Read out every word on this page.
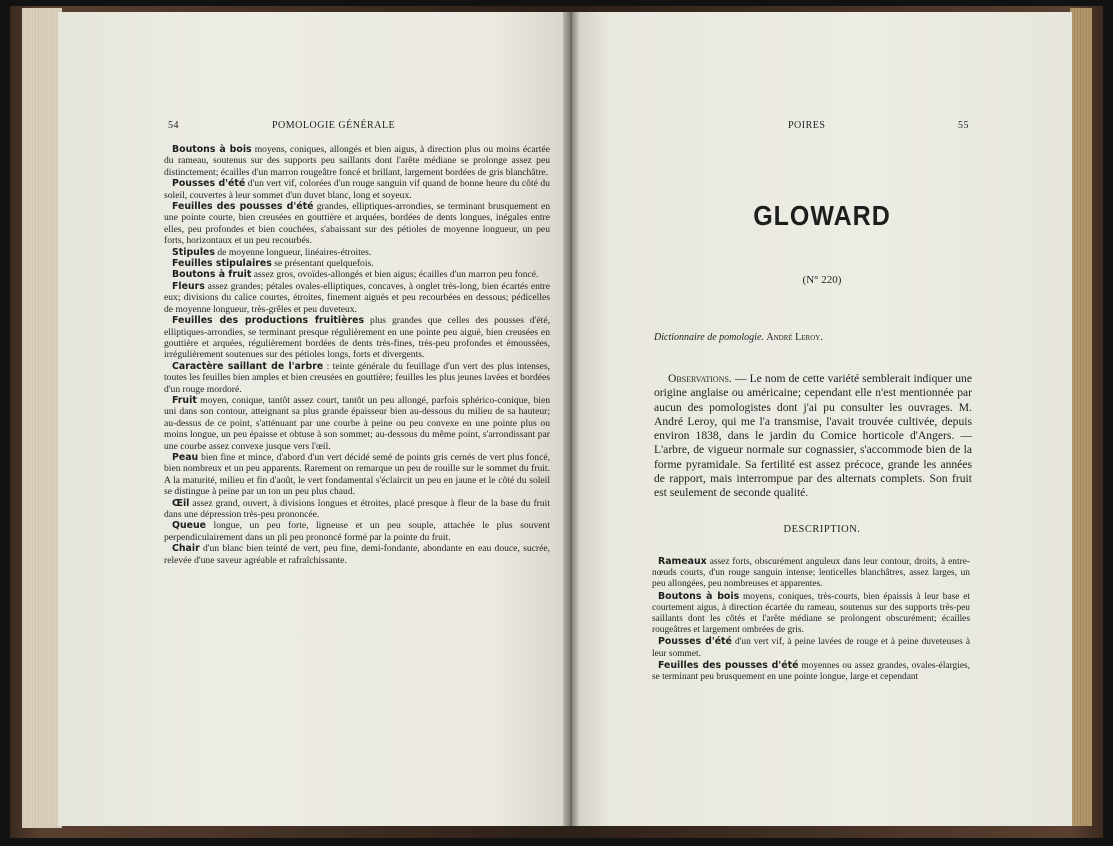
54	POMOLOGIE GÉNÉRALE

Boutons à bois moyens, coniques, allongés et bien aigus, à direction plus ou moins écartée du rameau, soutenus sur des supports peu saillants dont l'arête médiane se prolonge assez peu distinctement; écailles d'un marron rougeâtre foncé et brillant, largement bordées de gris blanchâtre.

Pousses d'été d'un vert vif, colorées d'un rouge sanguin vif quand de bonne heure du côté du soleil, couvertes à leur sommet d'un duvet blanc, long et soyeux.

Feuilles des pousses d'été grandes, elliptiques-arrondies, se terminant brusquement en une pointe courte, bien creusées en gouttière et arquées, bordées de dents longues, inégales entre elles, peu profondes et bien couchées, s'abaissant sur des pétioles de moyenne longueur, un peu forts, horizontaux et un peu recourbés.

Stipules de moyenne longueur, linéaires-étroites.

Feuilles stipulaires se présentant quelquefois.

Boutons à fruit assez gros, ovoïdes-allongés et bien aigus; écailles d'un marron peu foncé.

Fleurs assez grandes; pétales ovales-elliptiques, concaves, à onglet très-long, bien écartés entre eux; divisions du calice courtes, étroites, finement aiguës et peu recourbées en dessous; pédicelles de moyenne longueur, très-grêles et peu duveteux.

Feuilles des productions fruitières plus grandes que celles des pousses d'été, elliptiques-arrondies, se terminant presque régulièrement en une pointe peu aiguë, bien creusées en gouttière et arquées, régulièrement bordées de dents très-fines, très-peu profondes et émoussées, irrégulièrement soutenues sur des pétioles longs, forts et divergents.

Caractère saillant de l'arbre : teinte générale du feuillage d'un vert des plus intenses, toutes les feuilles bien amples et bien creusées en gouttière; feuilles les plus jeunes lavées et bordées d'un rouge mordoré.

Fruit moyen, conique, tantôt assez court, tantôt un peu allongé, parfois sphérico-conique, bien uni dans son contour, atteignant sa plus grande épaisseur bien au-dessous du milieu de sa hauteur; au-dessus de ce point, s'atténuant par une courbe à peine ou peu convexe en une pointe plus ou moins longue, un peu épaisse et obtuse à son sommet; au-dessous du même point, s'arrondissant par une courbe assez convexe jusque vers l'œil.

Peau bien fine et mince, d'abord d'un vert décidé semé de points gris cernés de vert plus foncé, bien nombreux et un peu apparents. Rarement on remarque un peu de rouille sur le sommet du fruit. A la maturité, milieu et fin d'août, le vert fondamental s'éclaircit un peu en jaune et le côté du soleil se distingue à peine par un ton un peu plus chaud.

Œil assez grand, ouvert, à divisions longues et étroites, placé presque à fleur de la base du fruit dans une dépression très-peu prononcée.

Queue longue, un peu forte, ligneuse et un peu souple, attachée le plus souvent perpendiculairement dans un pli peu prononcé formé par la pointe du fruit.

Chair d'un blanc bien teinté de vert, peu fine, demi-fondante, abondante en eau douce, sucrée, relevée d'une saveur agréable et rafraîchissante.

POIRES	55
GLOWARD
(N° 220)
Dictionnaire de pomologie. André Leroy.

Observations. — Le nom de cette variété semblerait indiquer une origine anglaise ou américaine; cependant elle n'est mentionnée par aucun des pomologistes dont j'ai pu consulter les ouvrages. M. André Leroy, qui me l'a transmise, l'avait trouvée cultivée, depuis environ 1838, dans le jardin du Comice horticole d'Angers. — L'arbre, de vigueur normale sur cognassier, s'accommode bien de la forme pyramidale. Sa fertilité est assez précoce, grande les années de rapport, mais interrompue par des alternats complets. Son fruit est seulement de seconde qualité.

DESCRIPTION.

Rameaux assez forts, obscurément anguleux dans leur contour, droits, à entre-nœuds courts, d'un rouge sanguin intense; lenticelles blanchâtres, assez larges, un peu allongées, peu nombreuses et apparentes.

Boutons à bois moyens, coniques, très-courts, bien épaissis à leur base et courtement aigus, à direction écartée du rameau, soutenus sur des supports très-peu saillants dont les côtés et l'arête médiane se prolongent obscurément; écailles rougeâtres et largement ombrées de gris.

Pousses d'été d'un vert vif, à peine lavées de rouge et à peine duveteuses à leur sommet.

Feuilles des pousses d'été moyennes ou assez grandes, ovales-élargies, se terminant peu brusquement en une pointe longue, large et cependant
